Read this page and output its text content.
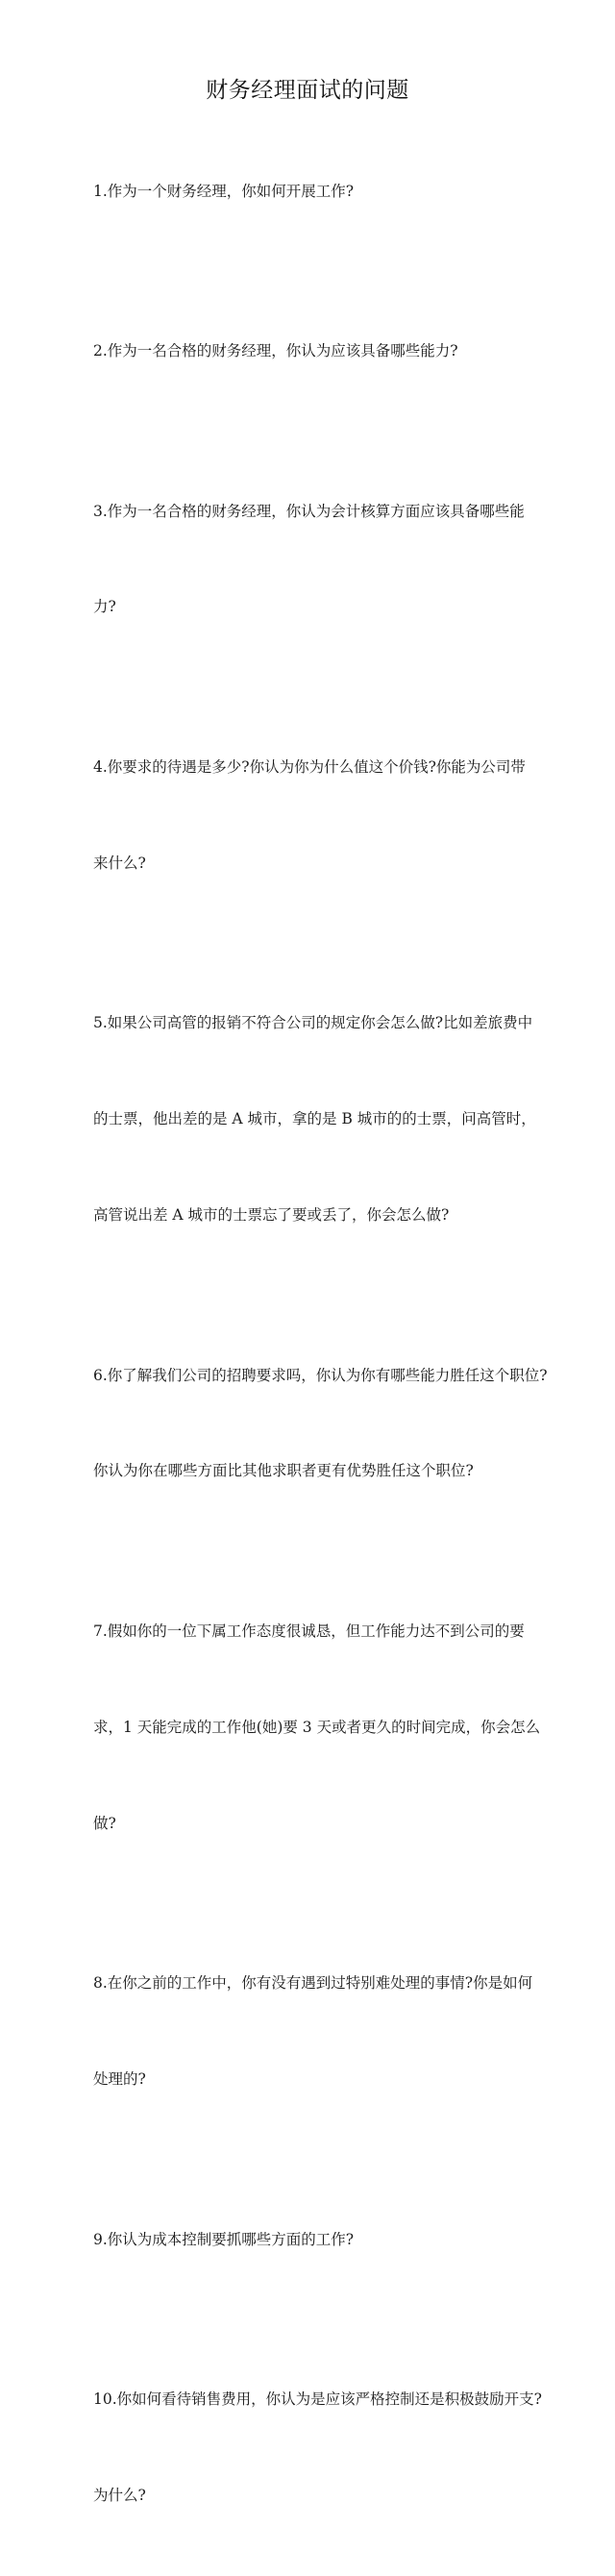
财务经理面试的问题

1.作为一个财务经理，你如何开展工作?

2.作为一名合格的财务经理，你认为应该具备哪些能力?

3.作为一名合格的财务经理，你认为会计核算方面应该具备哪些能

力?

4.你要求的待遇是多少?你认为你为什么值这个价钱?你能为公司带

来什么?

5.如果公司高管的报销不符合公司的规定你会怎么做?比如差旅费中

的士票，他出差的是 A 城市，拿的是 B 城市的的士票，问高管时，

高管说出差 A 城市的士票忘了要或丢了，你会怎么做?

6.你了解我们公司的招聘要求吗，你认为你有哪些能力胜任这个职位?

你认为你在哪些方面比其他求职者更有优势胜任这个职位?

7.假如你的一位下属工作态度很诚恳，但工作能力达不到公司的要

求，1 天能完成的工作他(她)要 3 天或者更久的时间完成，你会怎么

做?

8.在你之前的工作中，你有没有遇到过特别难处理的事情?你是如何

处理的?

9.你认为成本控制要抓哪些方面的工作?

10.你如何看待销售费用，你认为是应该严格控制还是积极鼓励开支?

为什么?
